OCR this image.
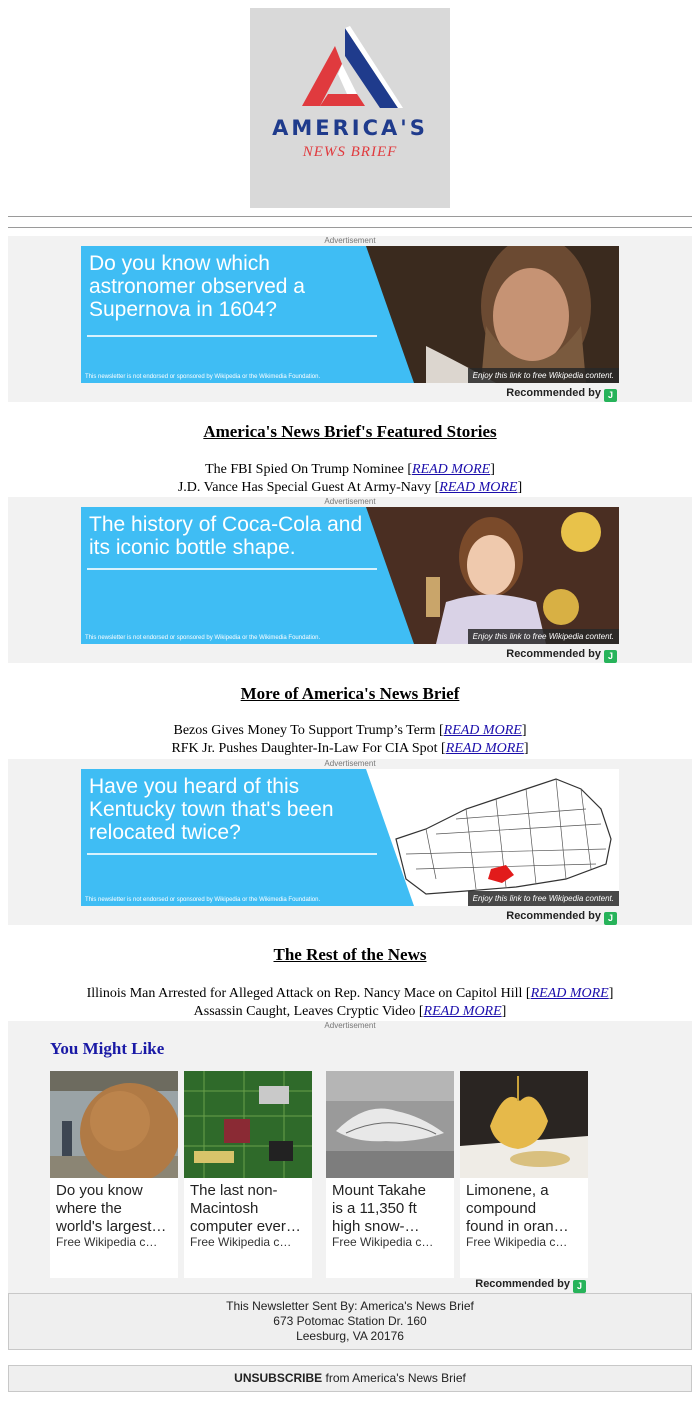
AMERICA'S
NEWS BRIEF
Advertisement
Do you know which astronomer observed a Supernova in 1604?
This newsletter is not endorsed or sponsored by Wikipedia or the Wikimedia Foundation.	Enjoy this link to free Wikipedia content.
Recommended by J
America's News Brief's Featured Stories
The FBI Spied On Trump Nominee [READ MORE]
J.D. Vance Has Special Guest At Army-Navy [READ MORE]
Advertisement
The history of Coca-Cola and its iconic bottle shape.
This newsletter is not endorsed or sponsored by Wikipedia or the Wikimedia Foundation.	Enjoy this link to free Wikipedia content.
Recommended by J
More of America's News Brief
Bezos Gives Money To Support Trump’s Term [READ MORE]
RFK Jr. Pushes Daughter-In-Law For CIA Spot [READ MORE]
Advertisement
Have you heard of this Kentucky town that's been relocated twice?
This newsletter is not endorsed or sponsored by Wikipedia or the Wikimedia Foundation.	Enjoy this link to free Wikipedia content.
Recommended by J
The Rest of the News
Illinois Man Arrested for Alleged Attack on Rep. Nancy Mace on Capitol Hill [READ MORE]
Assassin Caught, Leaves Cryptic Video [READ MORE]
Advertisement
You Might Like
Do you know
where the
world's largest…
Free Wikipedia c…
The last non-
Macintosh
computer ever…
Free Wikipedia c…
Mount Takahe
is a 11,350 ft
high snow-…
Free Wikipedia c…
Limonene, a
compound
found in oran…
Free Wikipedia c…
Recommended by J
This Newsletter Sent By: America's News Brief
673 Potomac Station Dr. 160
Leesburg, VA 20176
UNSUBSCRIBE from America's News Brief
